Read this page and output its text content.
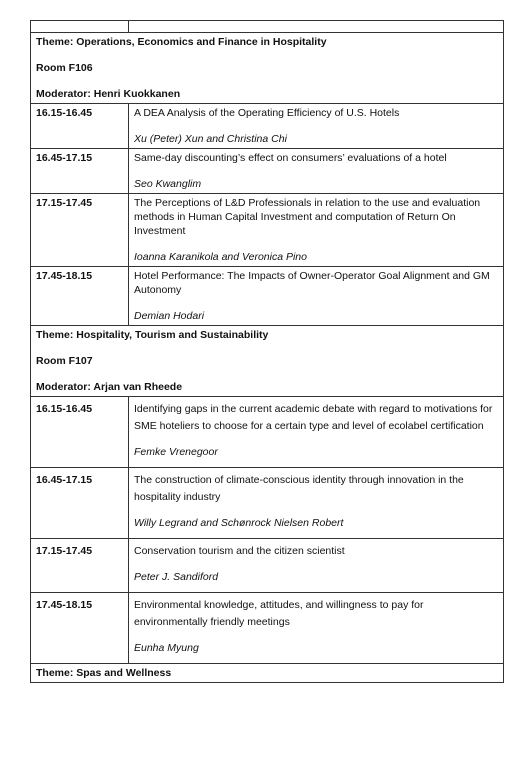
Theme: Operations, Economics and Finance in Hospitality

Room F106

Moderator: Henri Kuokkanen	

16.15-16.45	A DEA Analysis of the Operating Efficiency of U.S. Hotels
Xu (Peter) Xun and Christina Chi

16.45-17.15	Same-day discounting’s effect on consumers’ evaluations of a hotel
Seo Kwanglim

17.15-17.45	The Perceptions of L&D Professionals in relation to the use and evaluation methods in Human Capital Investment and computation of Return On Investment
Ioanna Karanikola and Veronica Pino

17.45-18.15	Hotel Performance: The Impacts of Owner-Operator Goal Alignment and GM Autonomy
Demian Hodari

Theme: Hospitality, Tourism and Sustainability

Room F107

Moderator: Arjan van Rheede	

16.15-16.45	Identifying gaps in the current academic debate with regard to motivations for SME hoteliers to choose for a certain type and level of ecolabel certification
Femke Vrenegoor

16.45-17.15	The construction of climate-conscious identity through innovation in the hospitality industry
Willy Legrand and Schønrock Nielsen Robert

17.15-17.45	Conservation tourism and the citizen scientist
Peter J. Sandiford

17.45-18.15	Environmental knowledge, attitudes, and willingness to pay for environmentally friendly meetings
Eunha Myung

Theme: Spas and Wellness	
